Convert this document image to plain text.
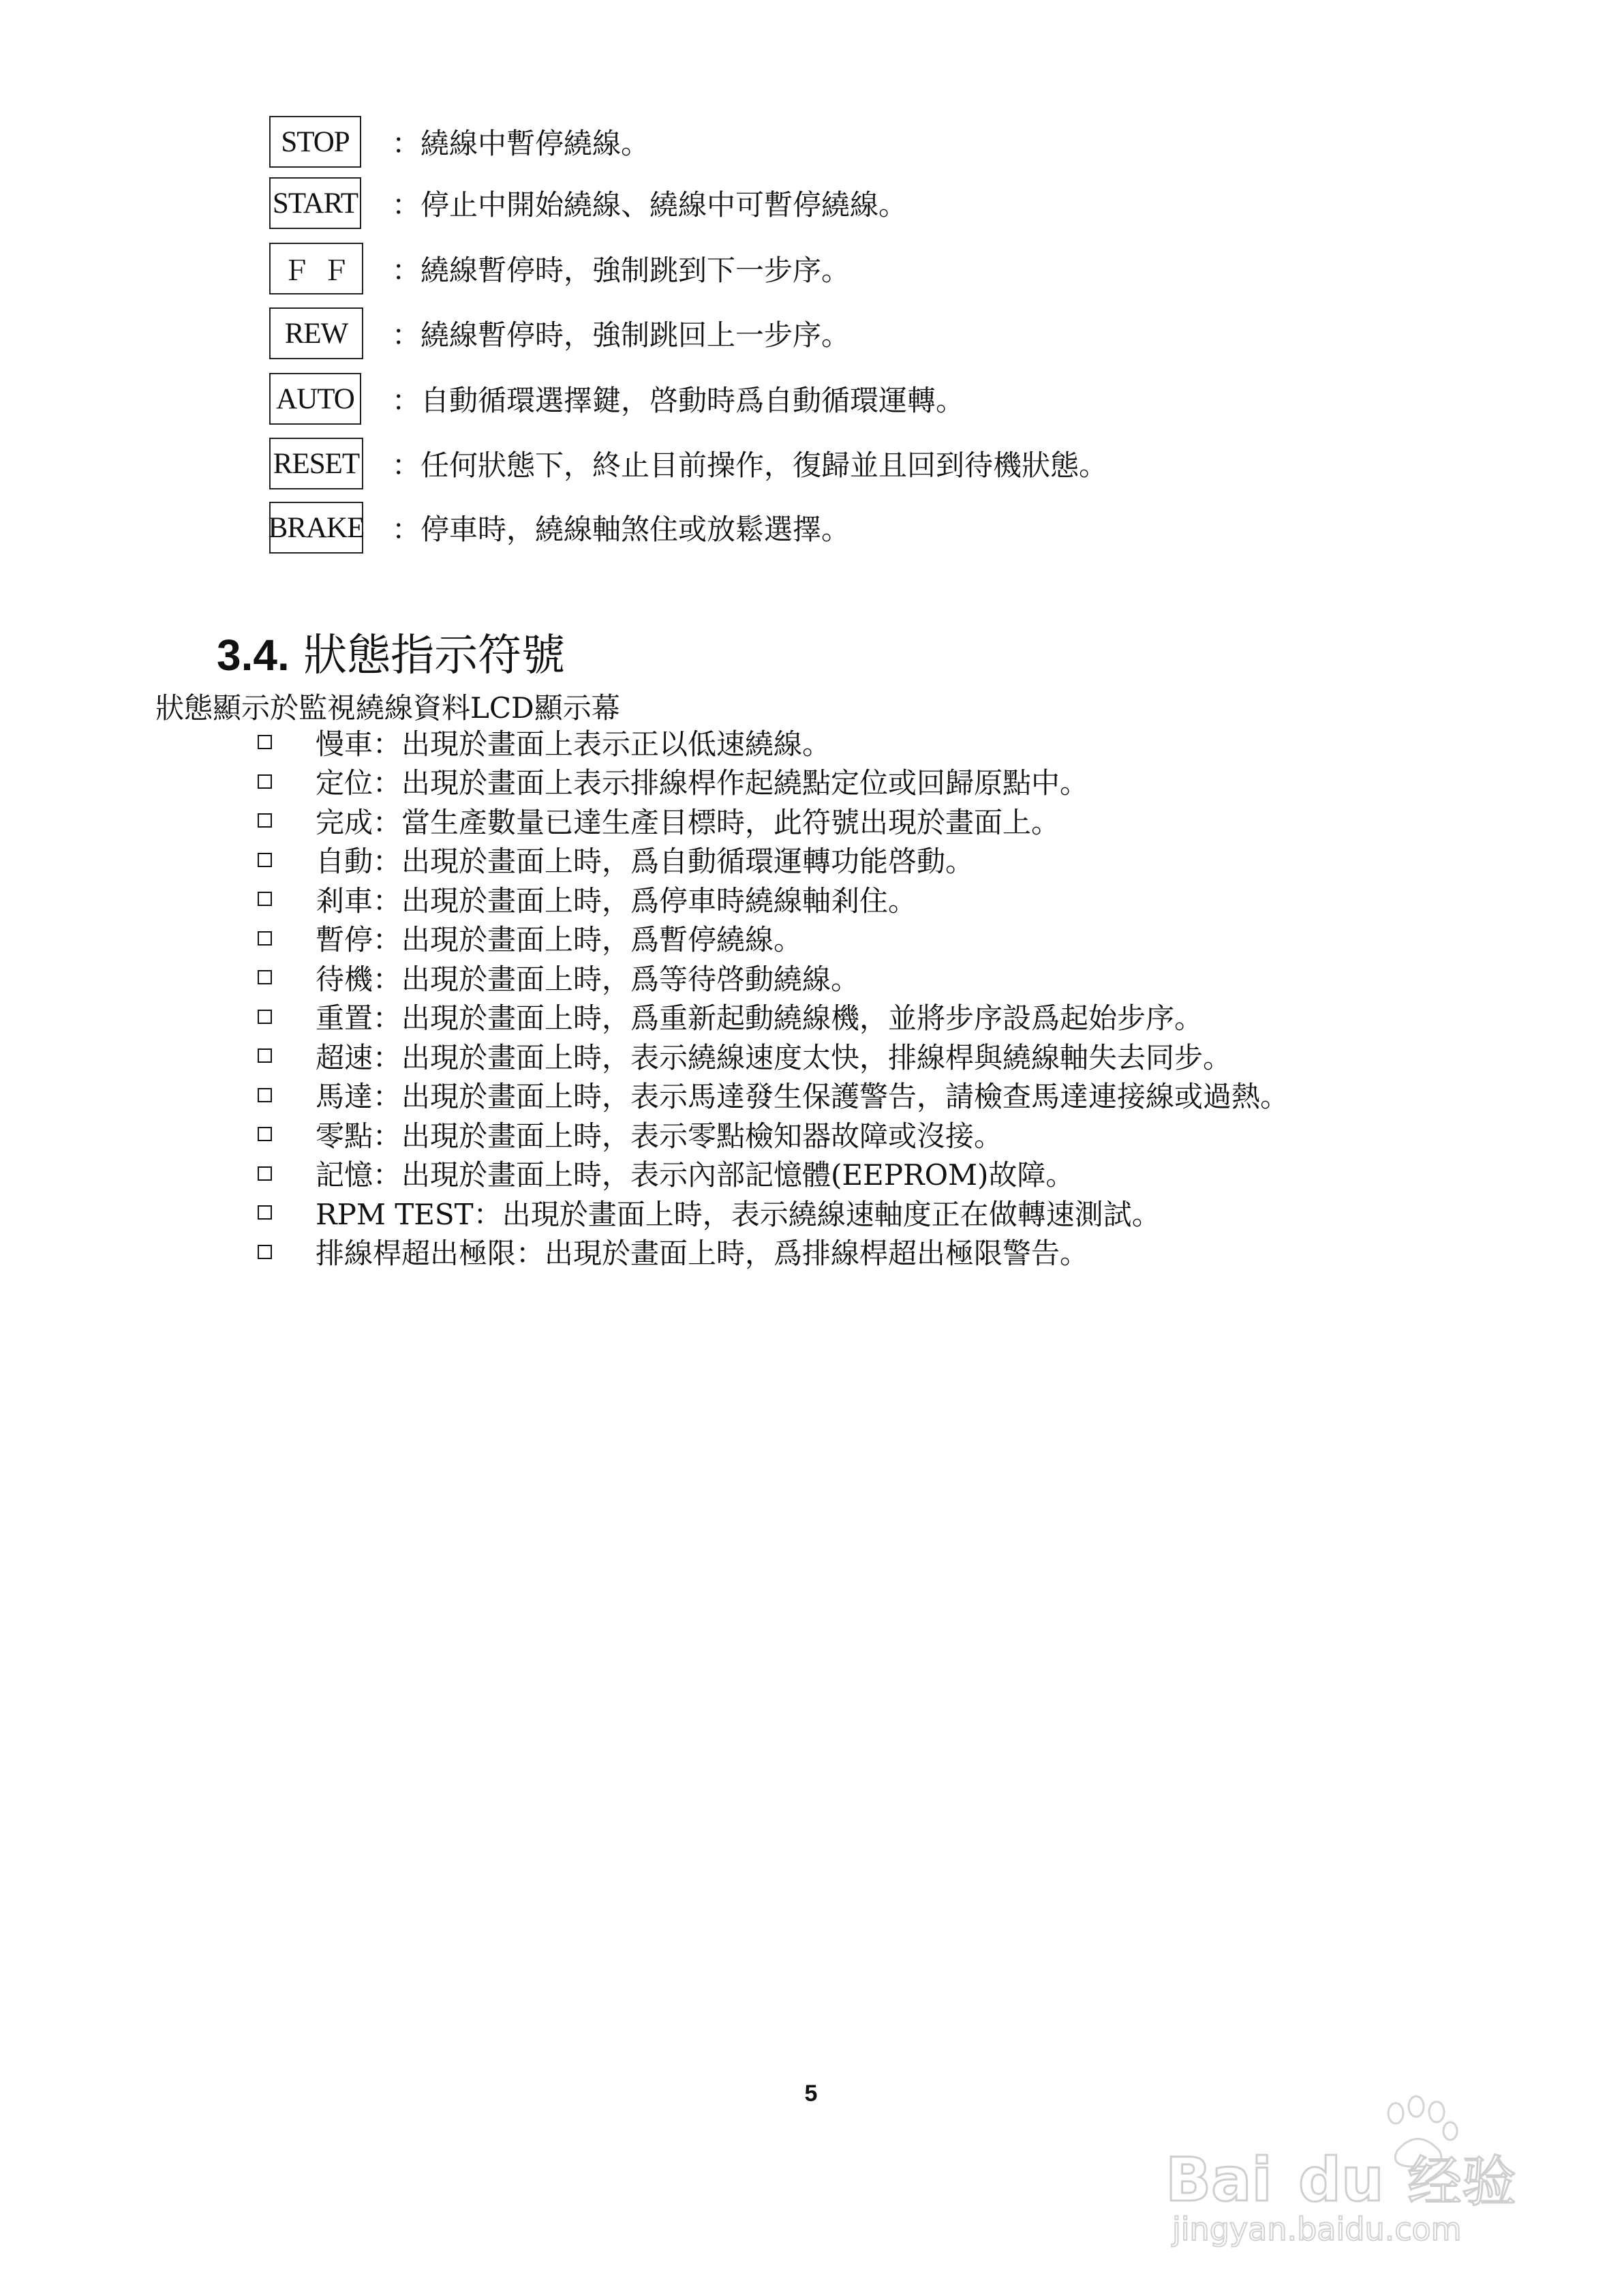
STOP	：繞線中暫停繞線。
START ：停止中開始繞線、繞線中可暫停繞線。
ＦＦ ：繞線暫停時，強制跳到下一步序。
REW	：繞線暫停時，強制跳回上一步序。
AUTO ：自動循環選擇鍵，啓動時爲自動循環運轉。
RESET ：任何狀態下，終止目前操作，復歸並且回到待機狀態。
BRAKE ：停車時，繞線軸煞住或放鬆選擇。
3.4. 狀態指示符號
狀態顯示於監視繞線資料LCD顯示幕
慢車：出現於畫面上表示正以低速繞線。
定位：出現於畫面上表示排線桿作起繞點定位或回歸原點中。
完成：當生產數量已達生產目標時，此符號出現於畫面上。
自動：出現於畫面上時，爲自動循環運轉功能啓動。
剎車：出現於畫面上時，爲停車時繞線軸剎住。
暫停：出現於畫面上時，爲暫停繞線。
待機：出現於畫面上時，爲等待啓動繞線。
重置：出現於畫面上時，爲重新起動繞線機，並將步序設爲起始步序。
超速：出現於畫面上時，表示繞線速度太快，排線桿與繞線軸失去同步。
馬達：出現於畫面上時，表示馬達發生保護警告，請檢查馬達連接線或過熱。
零點：出現於畫面上時，表示零點檢知器故障或沒接。
記憶：出現於畫面上時，表示內部記憶體(EEPROM)故障。
RPM TEST：出現於畫面上時，表示繞線速軸度正在做轉速測試。
排線桿超出極限：出現於畫面上時，爲排線桿超出極限警告。
5
Bai du 经验
jingyan.baidu.com
